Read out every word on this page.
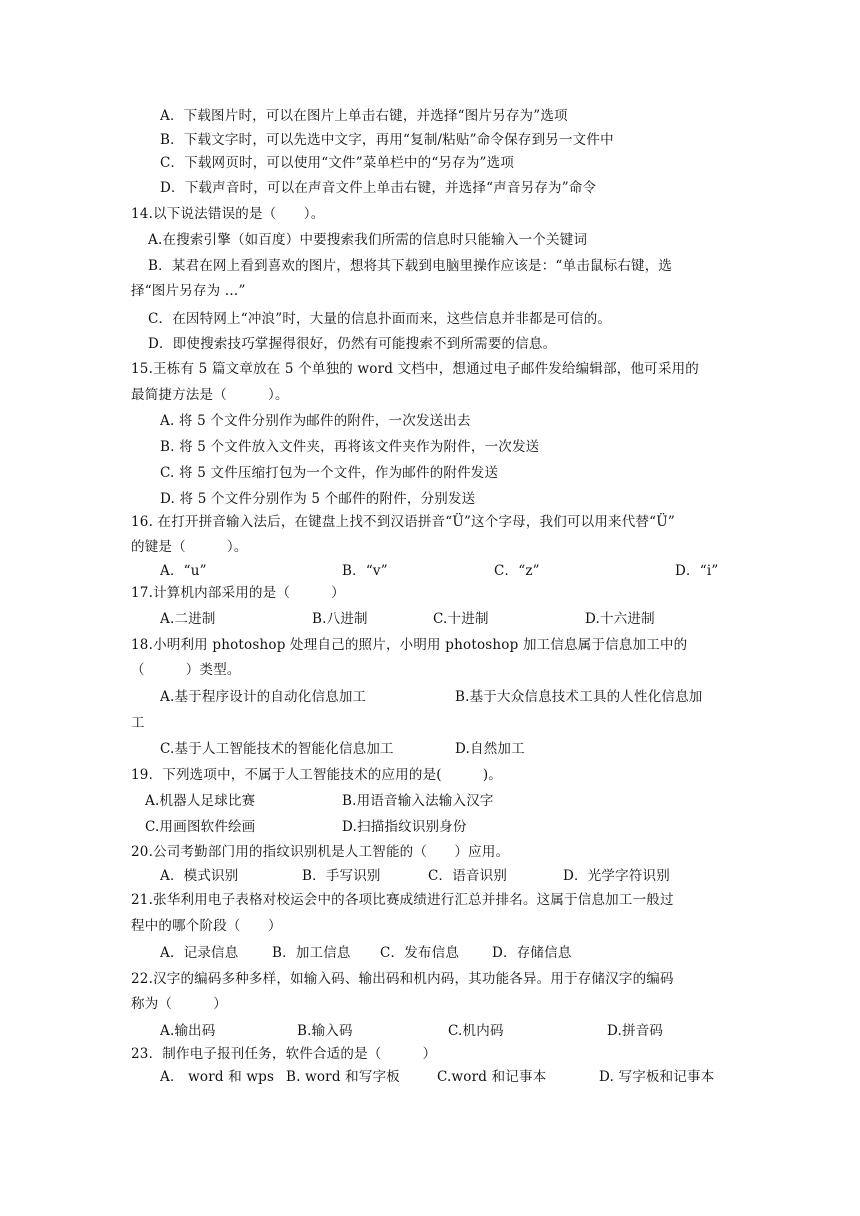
A．下载图片时，可以在图片上单击右键，并选择“图片另存为”选项
B．下载文字时，可以先选中文字，再用“复制/粘贴”命令保存到另一文件中
C．下载网页时，可以使用“文件”菜单栏中的“另存为”选项
D．下载声音时，可以在声音文件上单击右键，并选择“声音另存为”命令
14.以下说法错误的是（　　）。
A.在搜索引擎（如百度）中要搜索我们所需的信息时只能输入一个关键词
B．某君在网上看到喜欢的图片，想将其下载到电脑里操作应该是：“单击鼠标右键，选
择“图片另存为 …”
C．在因特网上“冲浪”时，大量的信息扑面而来，这些信息并非都是可信的。
D．即使搜索技巧掌握得很好，仍然有可能搜索不到所需要的信息。
15.王栋有 5 篇文章放在 5 个单独的 word 文档中，想通过电子邮件发给编辑部，他可采用的
最简捷方法是（　　　）。
A. 将 5 个文件分别作为邮件的附件，一次发送出去
B. 将 5 个文件放入文件夹，再将该文件夹作为附件，一次发送
C. 将 5 文件压缩打包为一个文件，作为邮件的附件发送
D. 将 5 个文件分别作为 5 个邮件的附件，分别发送
16. 在打开拼音输入法后，在键盘上找不到汉语拼音“Ü”这个字母，我们可以用来代替“Ü”
的键是（　　　）。
A．“u”	B．“v”	C．“z”	D．“i”
17.计算机内部采用的是（　　　）
A.二进制	B.八进制	C.十进制	D.十六进制
18.小明利用 photoshop 处理自己的照片，小明用 photoshop 加工信息属于信息加工中的
（　　　）类型。
A.基于程序设计的自动化信息加工	B.基于大众信息技术工具的人性化信息加
工
C.基于人工智能技术的智能化信息加工	D.自然加工
19．下列选项中，不属于人工智能技术的应用的是(　　　)。
A.机器人足球比赛	B.用语音输入法输入汉字
C.用画图软件绘画	D.扫描指纹识别身份
20.公司考勤部门用的指纹识别机是人工智能的（　　）应用。
A．模式识别	B．手写识别	C．语音识别	D．光学字符识别
21.张华利用电子表格对校运会中的各项比赛成绩进行汇总并排名。这属于信息加工一般过
程中的哪个阶段（　　）
A．记录信息 B．加工信息 C．发布信息 D．存储信息
22.汉字的编码多种多样，如输入码、输出码和机内码，其功能各异。用于存储汉字的编码
称为（　　　）
A.输出码	B.输入码	C.机内码	D.拼音码
23．制作电子报刊任务，软件合适的是（　　　）
A． word 和 wps B. word 和写字板	C.word 和记事本	D. 写字板和记事本
